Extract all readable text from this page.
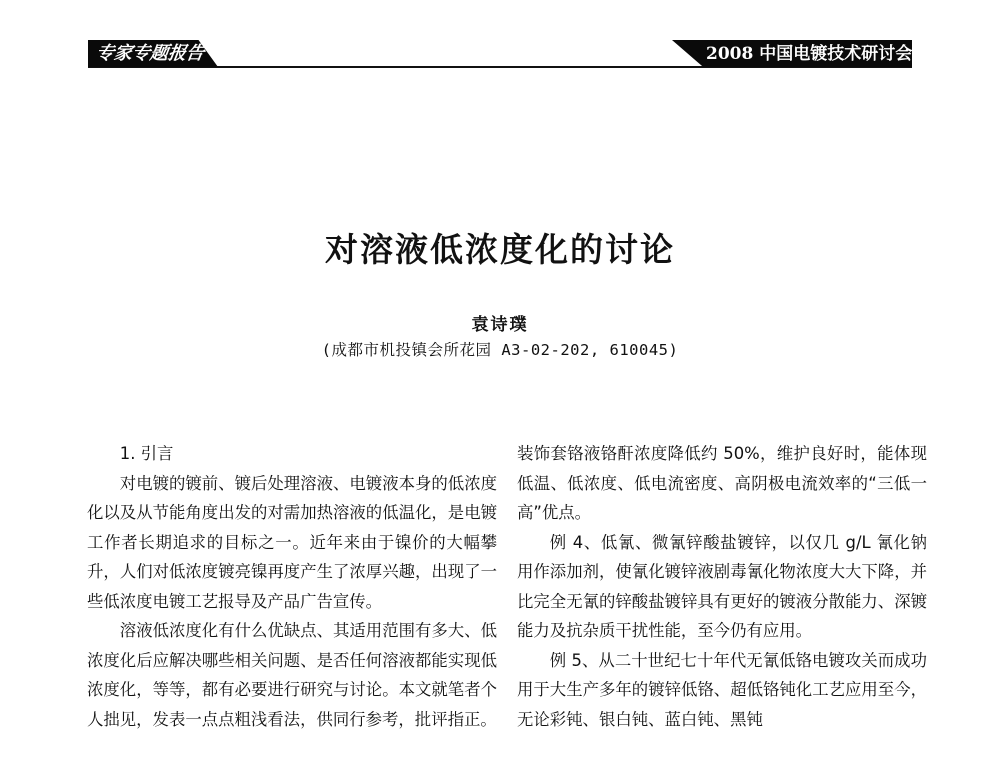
专家专题报告	2008 中国电镀技术研讨会
对溶液低浓度化的讨论
袁诗璞
(成都市机投镇会所花园 A3-02-202, 610045)
1. 引言

对电镀的镀前、镀后处理溶液、电镀液本身的低浓度化以及从节能角度出发的对需加热溶液的低温化，是电镀工作者长期追求的目标之一。近年来由于镍价的大幅攀升，人们对低浓度镀亮镍再度产生了浓厚兴趣，出现了一些低浓度电镀工艺报导及产品广告宣传。

溶液低浓度化有什么优缺点、其适用范围有多大、低浓度化后应解决哪些相关问题、是否任何溶液都能实现低浓度化，等等，都有必要进行研究与讨论。本文就笔者个人拙见，发表一点点粗浅看法，供同行参考，批评指正。

装饰套铬液铬酐浓度降低约 50%，维护良好时，能体现低温、低浓度、低电流密度、高阴极电流效率的“三低一高”优点。

例 4、低氰、微氰锌酸盐镀锌，以仅几 g/L 氰化钠用作添加剂，使氰化镀锌液剧毒氰化物浓度大大下降，并比完全无氰的锌酸盐镀锌具有更好的镀液分散能力、深镀能力及抗杂质干扰性能，至今仍有应用。

例 5、从二十世纪七十年代无氰低铬电镀攻关而成功用于大生产多年的镀锌低铬、超低铬钝化工艺应用至今，无论彩钝、银白钝、蓝白钝、黑钝
